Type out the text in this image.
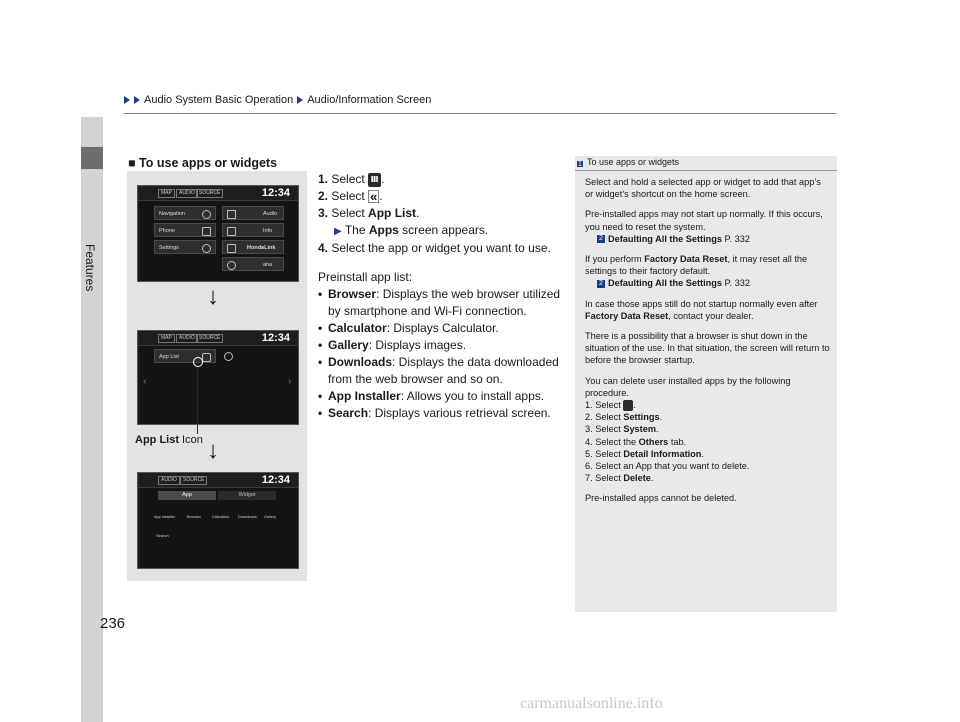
Audio System Basic Operation Audio/Information Screen
Features
236
■ To use apps or widgets
MAP	AUDIO SOURCE	12:34
Navigation	Audio
Phone	Info
Settings	HondaLink
aha
MAP	AUDIO SOURCE	12:34
App List
‹	›
AUDIO	SOURCE	12:34
App	Widget
App Installer	Browser	Calculator Downloads Gallery
Search
↓
↓
App List Icon
1. Select .
2. Select « .
3. Select App List.
▶ The Apps screen appears.
4. Select the app or widget you want to use.
Preinstall app list:
• Browser: Displays the web browser utilized by smartphone and Wi-Fi connection.
• Calculator: Displays Calculator.
• Gallery: Displays images.
• Downloads: Displays the data downloaded from the web browser and so on.
• App Installer: Allows you to install apps.
• Search: Displays various retrieval screen.
1 To use apps or widgets

Select and hold a selected app or widget to add that app’s or widget’s shortcut on the home screen.

Pre-installed apps may not start up normally. If this occurs, you need to reset the system.

2 Defaulting All the Settings P. 332

If you perform Factory Data Reset, it may reset all the settings to their factory default.

2 Defaulting All the Settings P. 332

In case those apps still do not startup normally even after Factory Data Reset, contact your dealer.

There is a possibility that a browser is shut down in the situation of the use. In that situation, the screen will return to before the browser startup.

You can delete user installed apps by the following procedure.

1. Select .
2. Select Settings.
3. Select System.
4. Select the Others tab.
5. Select Detail Information.
6. Select an App that you want to delete.
7. Select Delete.

Pre-installed apps cannot be deleted.

carmanualsonline.info
